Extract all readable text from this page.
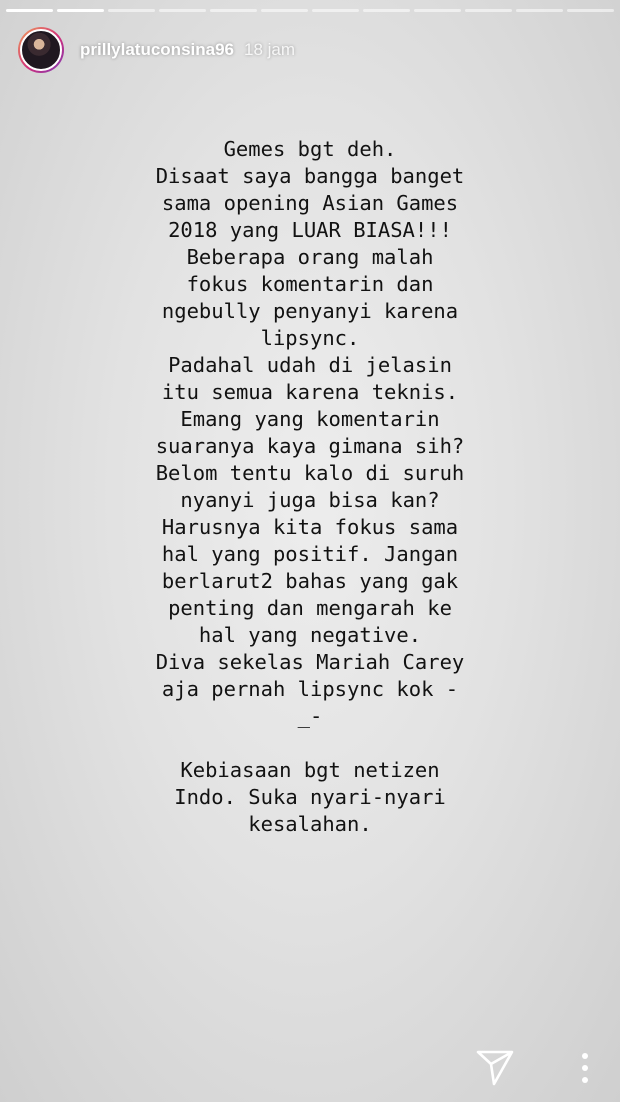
prillylatuconsina96 18 jam
Gemes bgt deh.
Disaat saya bangga banget
sama opening Asian Games
2018 yang LUAR BIASA!!!
Beberapa orang malah
fokus komentarin dan
ngebully penyanyi karena
lipsync.
Padahal udah di jelasin
itu semua karena teknis.
Emang yang komentarin
suaranya kaya gimana sih?
Belom tentu kalo di suruh
nyanyi juga bisa kan?
Harusnya kita fokus sama
hal yang positif. Jangan
berlarut2 bahas yang gak
penting dan mengarah ke
hal yang negative.
Diva sekelas Mariah Carey
aja pernah lipsync kok -
_-
Kebiasaan bgt netizen
Indo. Suka nyari-nyari
kesalahan.
